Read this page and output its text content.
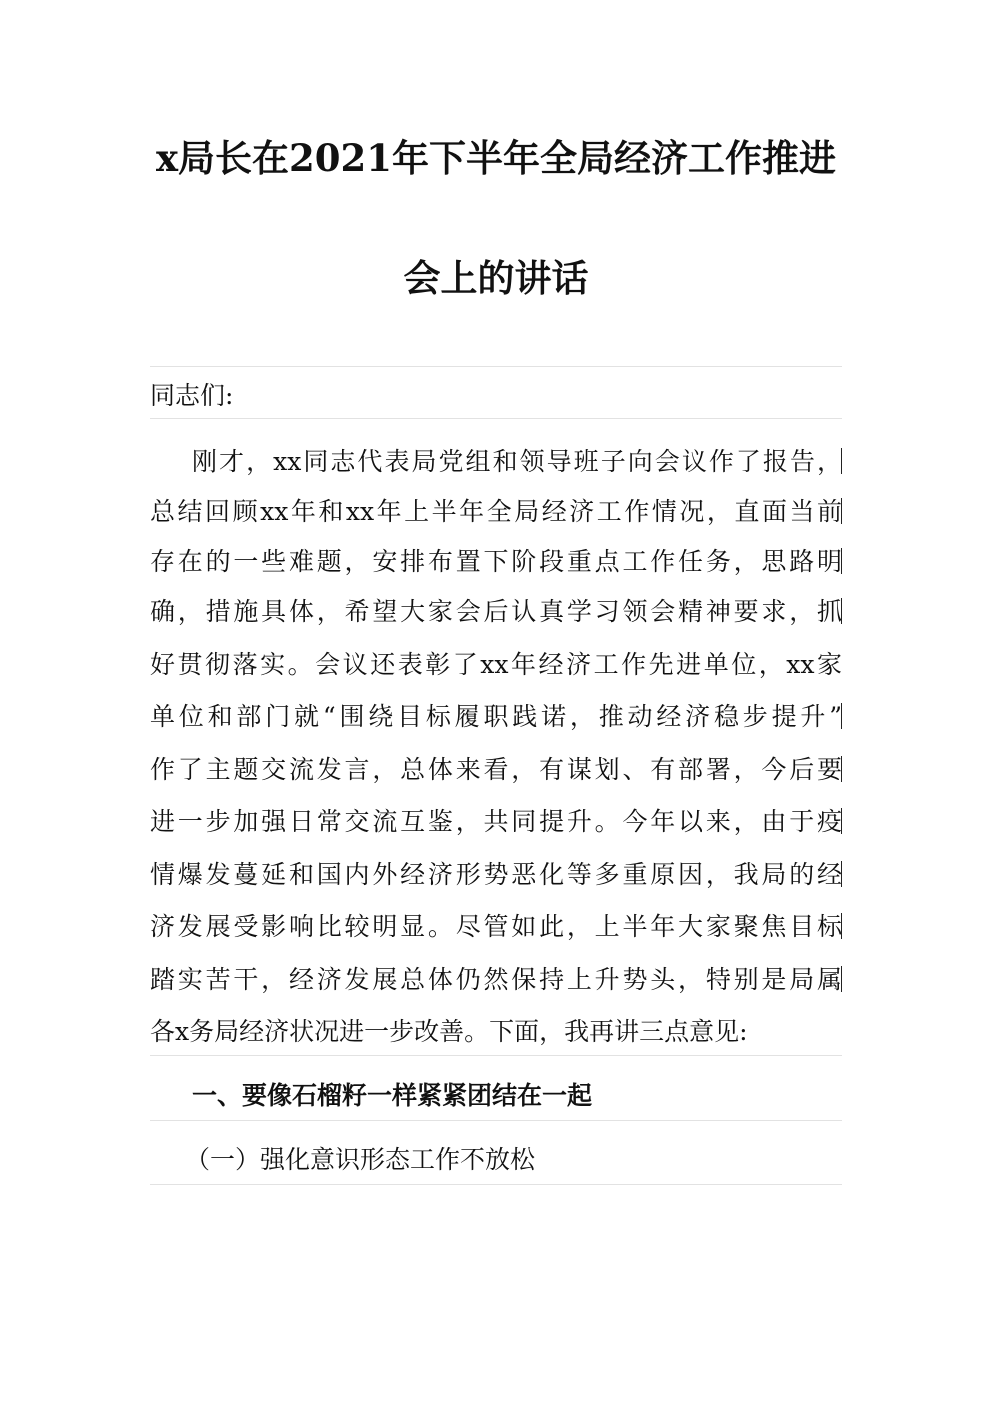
x局长在2021年下半年全局经济工作推进
会上的讲话
同志们:
刚才，xx同志代表局党组和领导班子向会议作了报告，
总结回顾xx年和xx年上半年全局经济工作情况，直面当前
存在的一些难题，安排布置下阶段重点工作任务，思路明
确，措施具体，希望大家会后认真学习领会精神要求，抓
好贯彻落实。会议还表彰了xx年经济工作先进单位，xx家
单位和部门就“围绕目标履职践诺，推动经济稳步提升”
作了主题交流发言，总体来看，有谋划、有部署，今后要
进一步加强日常交流互鉴，共同提升。今年以来，由于疫
情爆发蔓延和国内外经济形势恶化等多重原因，我局的经
济发展受影响比较明显。尽管如此，上半年大家聚焦目标
踏实苦干，经济发展总体仍然保持上升势头，特别是局属
各x务局经济状况进一步改善。下面，我再讲三点意见:
一、要像石榴籽一样紧紧团结在一起
（一）强化意识形态工作不放松
